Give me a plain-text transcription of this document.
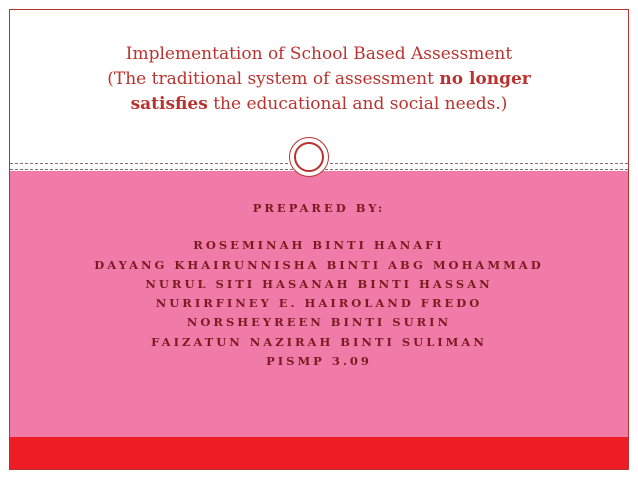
Implementation of School Based Assessment
(The traditional system of assessment no longer
satisfies the educational and social needs.)

PREPARED BY:
ROSEMINAH BINTI HANAFI
DAYANG KHAIRUNNISHA BINTI ABG MOHAMMAD
NURUL SITI HASANAH BINTI HASSAN
NURIRFINEY E. HAIROLAND FREDO
NORSHEYREEN BINTI SURIN
FAIZATUN NAZIRAH BINTI SULIMAN
PISMP 3.09
